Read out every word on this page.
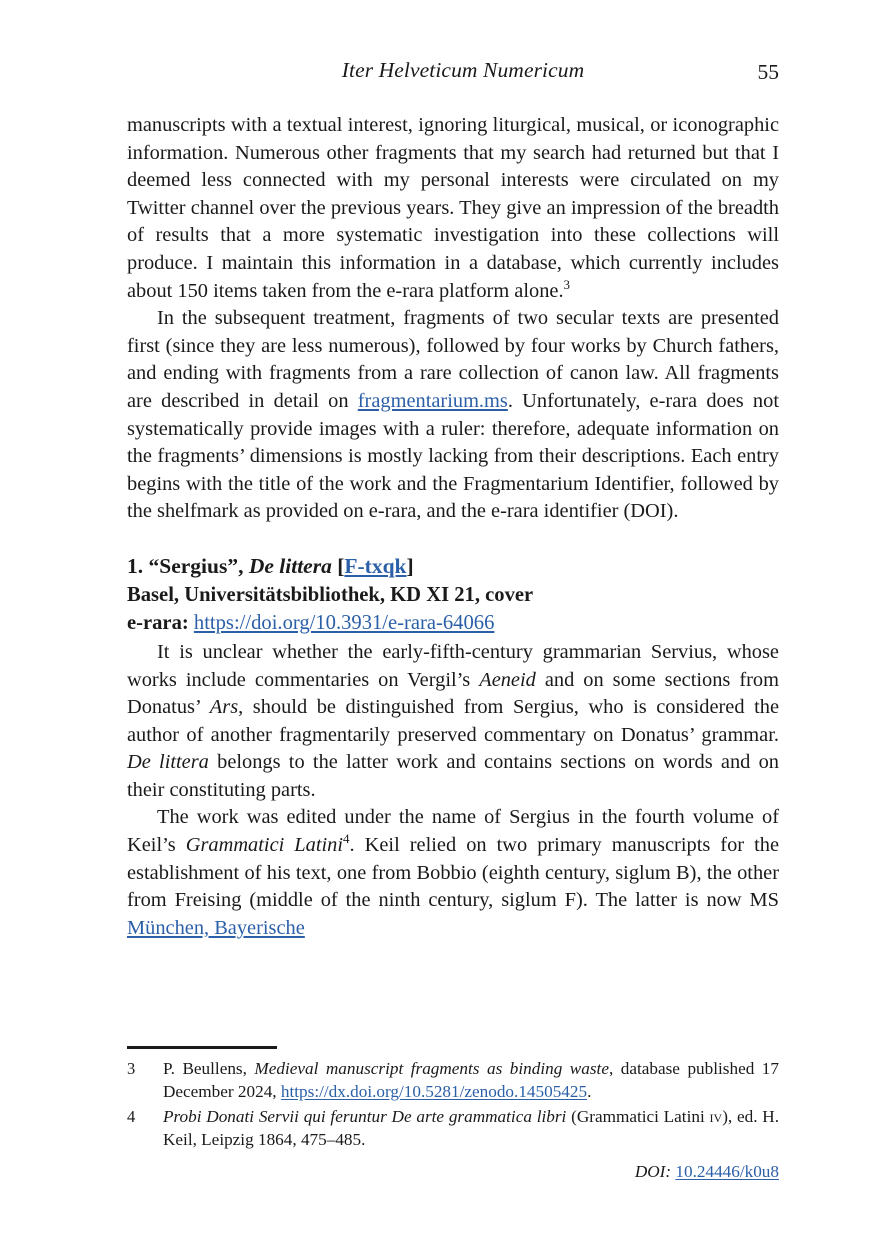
Iter Helveticum Numericum	55

manuscripts with a textual interest, ignoring liturgical, musical, or iconographic information. Numerous other fragments that my search had returned but that I deemed less connected with my personal interests were circulated on my Twitter channel over the previous years. They give an impression of the breadth of results that a more systematic investigation into these collections will produce. I maintain this information in a database, which currently includes about 150 items taken from the e-rara platform alone.$^3$

In the subsequent treatment, fragments of two secular texts are presented first (since they are less numerous), followed by four works by Church fathers, and ending with fragments from a rare collection of canon law. All fragments are described in detail on fragmentarium.ms. Unfortunately, e-rara does not systematically provide images with a ruler: therefore, adequate information on the fragments’ dimensions is mostly lacking from their descriptions. Each entry begins with the title of the work and the Fragmentarium Identifier, followed by the shelfmark as provided on e-rara, and the e-rara identifier (DOI).

1. “Sergius”, De littera [F-txqk]
Basel, Universitätsbibliothek, KD XI 21, cover
e-rara: https://doi.org/10.3931/e-rara-64066

It is unclear whether the early-fifth-century grammarian Servius, whose works include commentaries on Vergil’s Aeneid and on some sections from Donatus’ Ars, should be distinguished from Sergius, who is considered the author of another fragmentarily preserved commentary on Donatus’ grammar. De littera belongs to the latter work and contains sections on words and on their constituting parts.

The work was edited under the name of Sergius in the fourth volume of Keil’s Grammatici Latini$^4$. Keil relied on two primary manuscripts for the establishment of his text, one from Bobbio (eighth century, siglum B), the other from Freising (middle of the ninth century, siglum F). The latter is now MS München, Bayerische

3	P. Beullens, Medieval manuscript fragments as binding waste, database published 17 December 2024, https://dx.doi.org/10.5281/zenodo.14505425.
4	Probi Donati Servii qui feruntur De arte grammatica libri (Grammatici Latini iv), ed. H. Keil, Leipzig 1864, 475–485.
DOI: 10.24446/k0u8
